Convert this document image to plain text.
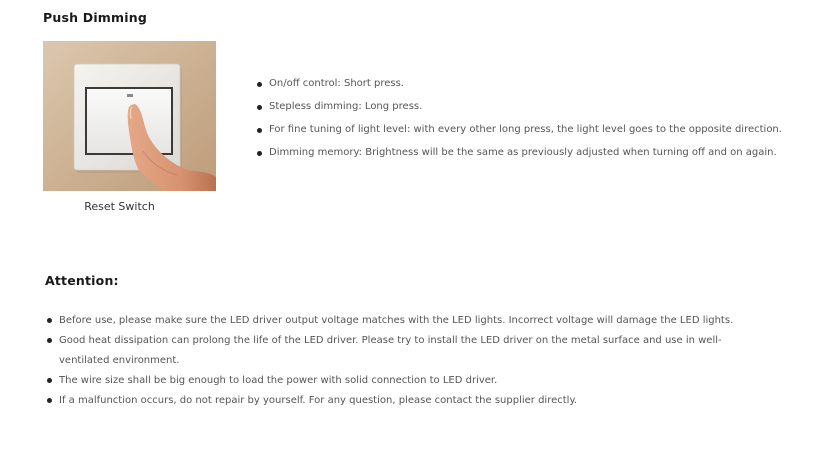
Push Dimming
Reset Switch
On/off control: Short press.
Stepless dimming: Long press.
For fine tuning of light level: with every other long press, the light level goes to the opposite direction.
Dimming memory: Brightness will be the same as previously adjusted when turning off and on again.
Attention:
Before use, please make sure the LED driver output voltage matches with the LED lights. Incorrect voltage will damage the LED lights.
Good heat dissipation can prolong the life of the LED driver. Please try to install the LED driver on the metal surface and use in well-ventilated environment.
The wire size shall be big enough to load the power with solid connection to LED driver.
If a malfunction occurs, do not repair by yourself. For any question, please contact the supplier directly.
